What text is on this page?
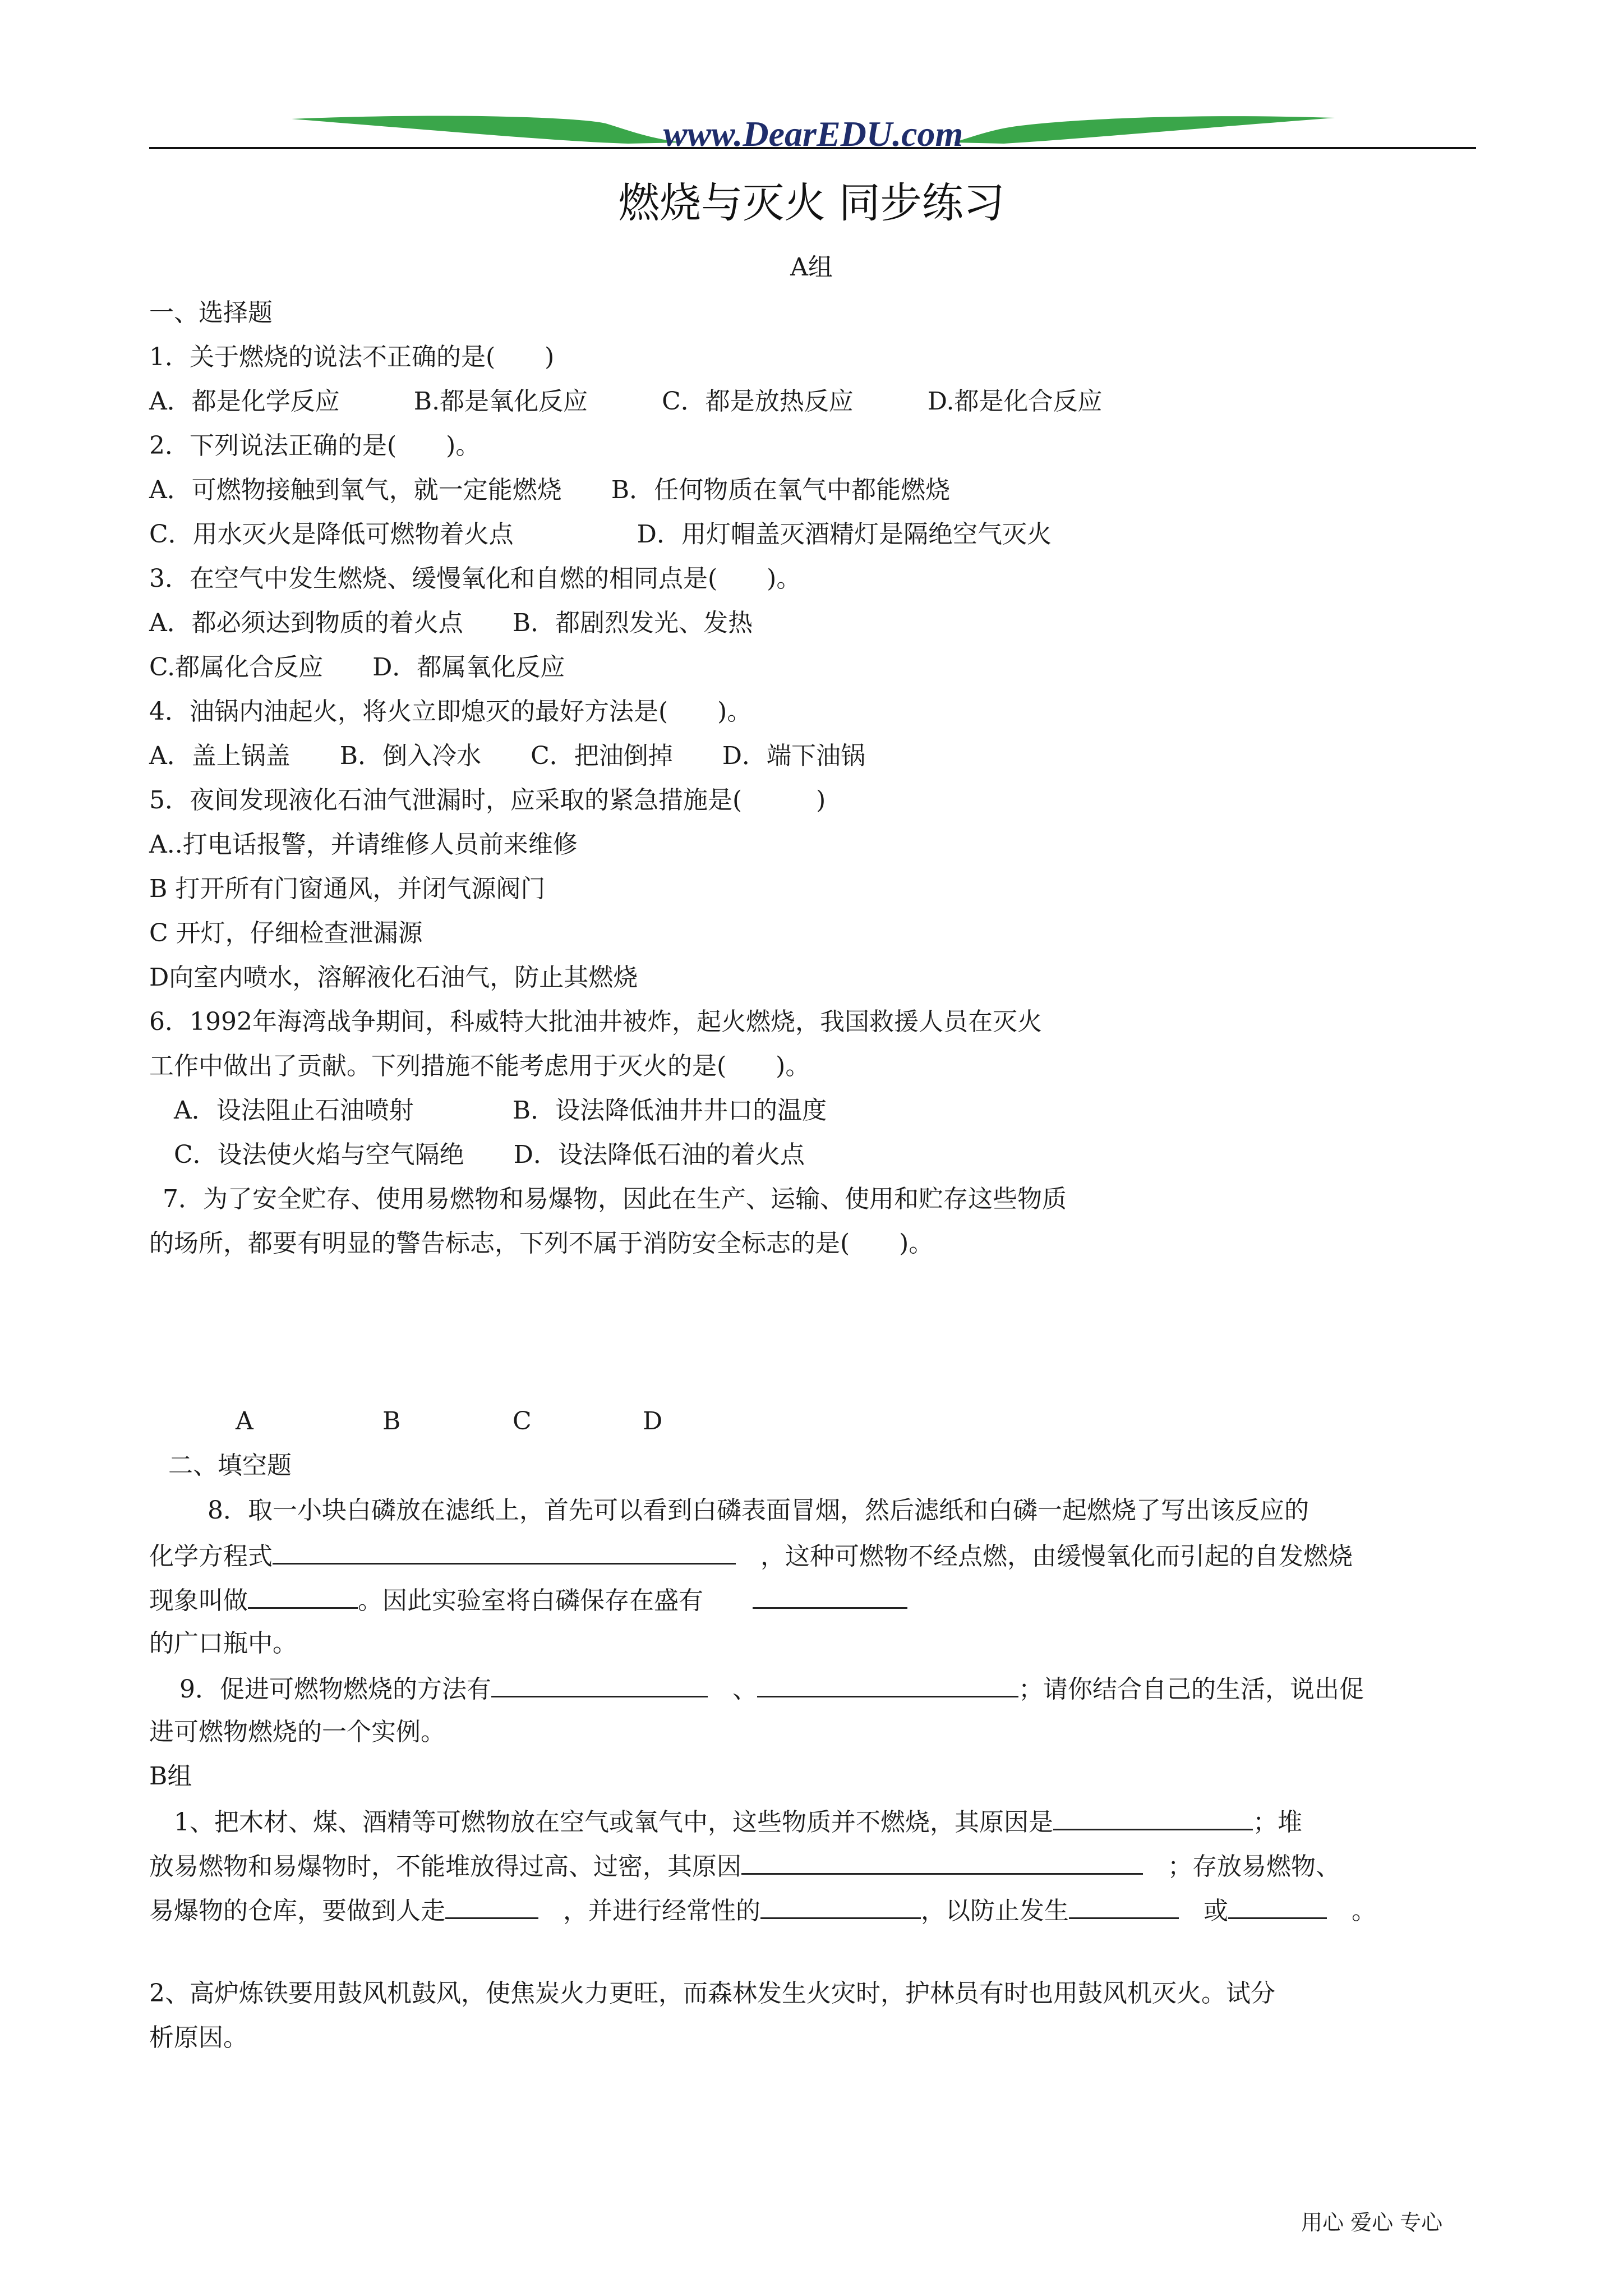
www.DearEDU.com
燃烧与灭火 同步练习
A组
一、选择题
1．关于燃烧的说法不正确的是(　　)
A．都是化学反应　　　B.都是氧化反应　　　C．都是放热反应　　　D.都是化合反应
2．下列说法正确的是(　　)。
A．可燃物接触到氧气，就一定能燃烧　　B．任何物质在氧气中都能燃烧
C．用水灭火是降低可燃物着火点　　　　　D．用灯帽盖灭酒精灯是隔绝空气灭火
3．在空气中发生燃烧、缓慢氧化和自燃的相同点是(　　)。
A．都必须达到物质的着火点　　B．都剧烈发光、发热
C.都属化合反应　　D．都属氧化反应
4．油锅内油起火，将火立即熄灭的最好方法是(　　)。
A．盖上锅盖　　B．倒入冷水　　C．把油倒掉　　D．端下油锅
5．夜间发现液化石油气泄漏时，应采取的紧急措施是(　　　)
A..打电话报警，并请维修人员前来维修
B 打开所有门窗通风，并闭气源阀门
C 开灯，仔细检查泄漏源
D向室内喷水，溶解液化石油气，防止其燃烧
6．1992年海湾战争期间，科威特大批油井被炸，起火燃烧，我国救援人员在灭火
工作中做出了贡献。下列措施不能考虑用于灭火的是(　　)。
A．设法阻止石油喷射　　　　B．设法降低油井井口的温度
C．设法使火焰与空气隔绝　　D．设法降低石油的着火点
7．为了安全贮存、使用易燃物和易爆物，因此在生产、运输、使用和贮存这些物质
的场所，都要有明显的警告标志，下列不属于消防安全标志的是(　　)。
A	B	C	D
二、填空题
8．取一小块白磷放在滤纸上，首先可以看到白磷表面冒烟，然后滤纸和白磷一起燃烧了写出该反应的
化学方程式　	，这种可燃物不经点燃，由缓慢氧化而引起的自发燃烧
现象叫做	。因此实验室将白磷保存在盛有　　
的广口瓶中。
9．促进可燃物燃烧的方法有　	、	；请你结合自己的生活，说出促
进可燃物燃烧的一个实例。
B组
1、把木材、煤、酒精等可燃物放在空气或氧气中，这些物质并不燃烧，其原因是	；堆
放易燃物和易爆物时，不能堆放得过高、过密，其原因　	；存放易燃物、
易爆物的仓库，要做到人走　	，并进行经常性的	，以防止发生　	或　	。
2、高炉炼铁要用鼓风机鼓风，使焦炭火力更旺，而森林发生火灾时，护林员有时也用鼓风机灭火。试分
析原因。
用心 爱心 专心
